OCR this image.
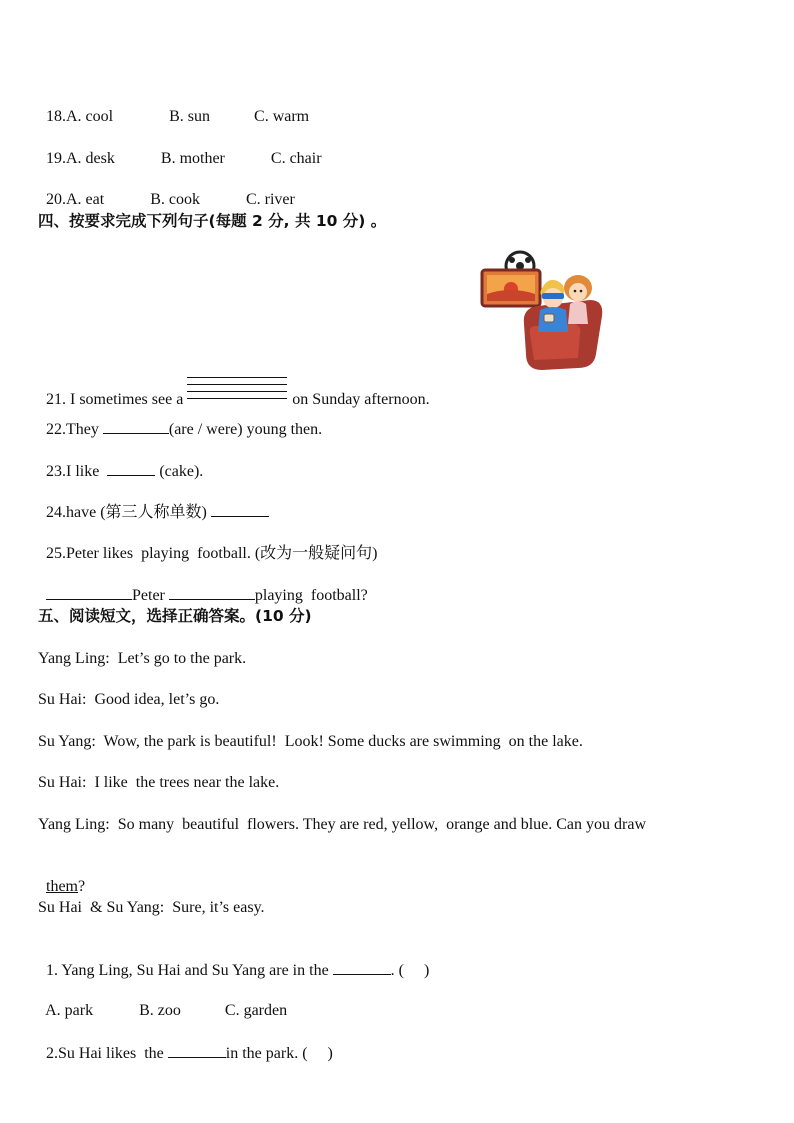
18.A. cool	B. sun	C. warm

19.A. desk	B. mother	C. chair

20.A. eat	B. cook	C. river

四、按要求完成下列句子(每题 2 分, 共 10 分) 。

21. I sometimes see a	on Sunday afternoon.

22.They	(are / were) young then.

23.I like	(cake).

24.have (第三人称单数)

25.Peter likes  playing  football. (改为一般疑问句)

Peter	playing  football?

五、阅读短文，选择正确答案。(10 分)
Yang Ling:  Let’s go to the park.
Su Hai:  Good idea, let’s go.
Su Yang:  Wow, the park is beautiful!  Look! Some ducks are swimming  on the lake.
Su Hai:  I like  the trees near the lake.
Yang Ling:  So many  beautiful  flowers. They are red, yellow,  orange and blue. Can you draw

them?

Su Hai  & Su Yang:  Sure, it’s easy.

1. Yang Ling, Su Hai and Su Yang are in the	. (     )

A. park	B. zoo	C. garden

2.Su Hai likes  the	in the park. (     )
